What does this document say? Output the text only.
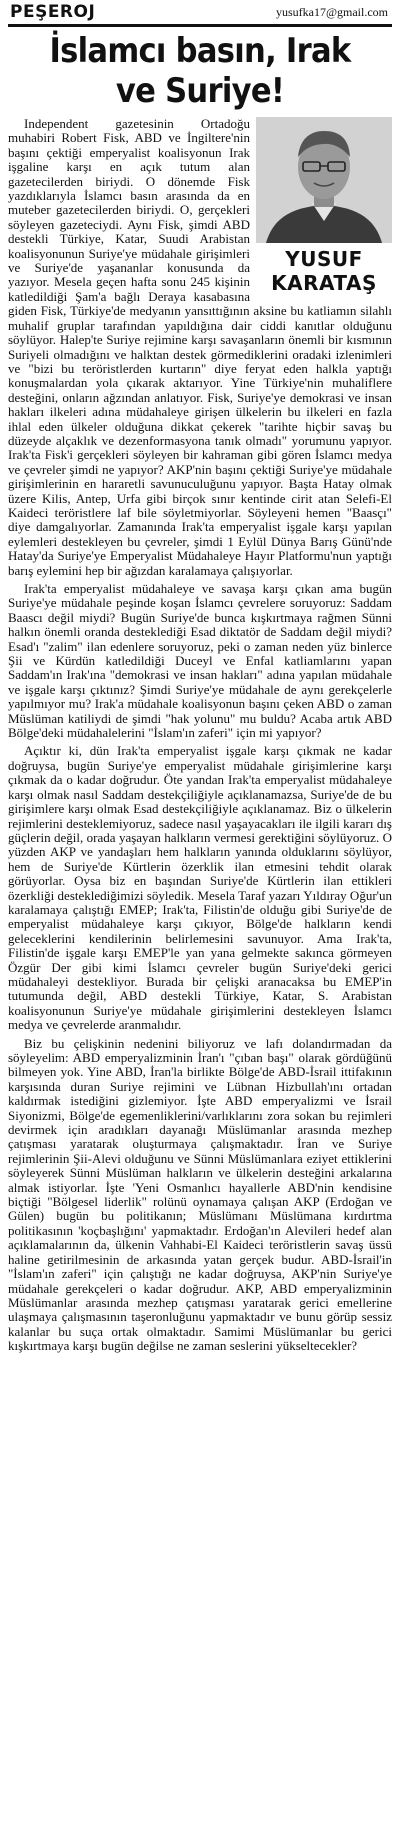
PEŞEROJ	yusufka17@gmail.com
İslamcı basın, Irak
ve Suriye!
YUSUF
KARATAŞ

Independent gazetesinin Ortadoğu muhabiri Robert Fisk, ABD ve İngiltere'nin başını çektiği emperyalist koalisyonun Irak işgaline karşı en açık tutum alan gazetecilerden biriydi. O dönemde Fisk yazdıklarıyla İslamcı basın arasında da en muteber gazetecilerden biriydi. O, gerçekleri söyleyen gazeteciydi. Aynı Fisk, şimdi ABD destekli Türkiye, Katar, Suudi Arabistan koalisyonunun Suriye'ye müdahale girişimleri ve Suriye'de yaşananlar konusunda da yazıyor. Mesela geçen hafta sonu 245 kişinin katledildiği Şam'a bağlı Deraya kasabasına giden Fisk, Türkiye'de medyanın yansıttığının aksine bu katliamın silahlı muhalif gruplar tarafından yapıldığına dair ciddi kanıtlar olduğunu söylüyor. Halep'te Suriye rejimine karşı savaşanların önemli bir kısmının Suriyeli olmadığını ve halktan destek görmediklerini oradaki izlenimleri ve "bizi bu teröristlerden kurtarın" diye feryat eden halkla yaptığı konuşmalardan yola çıkarak aktarıyor. Yine Türkiye'nin muhaliflere desteğini, onların ağzından anlatıyor. Fisk, Suriye'ye demokrasi ve insan hakları ilkeleri adına müdahaleye girişen ülkelerin bu ilkeleri en fazla ihlal eden ülkeler olduğuna dikkat çekerek "tarihte hiçbir savaş bu düzeyde alçaklık ve dezenformasyona tanık olmadı" yorumunu yapıyor. Irak'ta Fisk'i gerçekleri söyleyen bir kahraman gibi gören İslamcı medya ve çevreler şimdi ne yapıyor? AKP'nin başını çektiği Suriye'ye müdahale girişimlerinin en hararetli savunuculuğunu yapıyor. Başta Hatay olmak üzere Kilis, Antep, Urfa gibi birçok sınır kentinde cirit atan Selefi-El Kaideci teröristlere laf bile söyletmiyorlar. Söyleyeni hemen "Baasçı" diye damgalıyorlar. Zamanında Irak'ta emperyalist işgale karşı yapılan eylemleri destekleyen bu çevreler, şimdi 1 Eylül Dünya Barış Günü'nde Hatay'da Suriye'ye Emperyalist Müdahaleye Hayır Platformu'nun yaptığı barış eylemini hep bir ağızdan karalamaya çalışıyorlar.

Irak'ta emperyalist müdahaleye ve savaşa karşı çıkan ama bugün Suriye'ye müdahale peşinde koşan İslamcı çevrelere soruyoruz: Saddam Baascı değil miydi? Bugün Suriye'de bunca kışkırtmaya rağmen Sünni halkın önemli oranda desteklediği Esad diktatör de Saddam değil miydi? Esad'ı "zalim" ilan edenlere soruyoruz, peki o zaman neden yüz binlerce Şii ve Kürdün katledildiği Duceyl ve Enfal katliamlarını yapan Saddam'ın Irak'ına "demokrasi ve insan hakları" adına yapılan müdahale ve işgale karşı çıktınız? Şimdi Suriye'ye müdahale de aynı gerekçelerle yapılmıyor mu? Irak'a müdahale koalisyonun başını çeken ABD o zaman Müslüman katiliydi de şimdi "hak yolunu" mu buldu? Acaba artık ABD Bölge'deki müdahalelerini "İslam'ın zaferi" için mi yapıyor?

Açıktır ki, dün Irak'ta emperyalist işgale karşı çıkmak ne kadar doğruysa, bugün Suriye'ye emperyalist müdahale girişimlerine karşı çıkmak da o kadar doğrudur. Öte yandan Irak'ta emperyalist müdahaleye karşı olmak nasıl Saddam destekçiliğiyle açıklanamazsa, Suriye'de de bu girişimlere karşı olmak Esad destekçiliğiyle açıklanamaz. Biz o ülkelerin rejimlerini desteklemiyoruz, sadece nasıl yaşayacakları ile ilgili kararı dış güçlerin değil, orada yaşayan halkların vermesi gerektiğini söylüyoruz. O yüzden AKP ve yandaşları hem halkların yanında olduklarını söylüyor, hem de Suriye'de Kürtlerin özerklik ilan etmesini tehdit olarak görüyorlar. Oysa biz en başından Suriye'de Kürtlerin ilan ettikleri özerkliği desteklediğimizi söyledik. Mesela Taraf yazarı Yıldıray Oğur'un karalamaya çalıştığı EMEP; Irak'ta, Filistin'de olduğu gibi Suriye'de de emperyalist müdahaleye karşı çıkıyor, Bölge'de halkların kendi geleceklerini kendilerinin belirlemesini savunuyor. Ama Irak'ta, Filistin'de işgale karşı EMEP'le yan yana gelmekte sakınca görmeyen Özgür Der gibi kimi İslamcı çevreler bugün Suriye'deki gerici müdahaleyi destekliyor. Burada bir çelişki aranacaksa bu EMEP'in tutumunda değil, ABD destekli Türkiye, Katar, S. Arabistan koalisyonunun Suriye'ye müdahale girişimlerini destekleyen İslamcı medya ve çevrelerde aranmalıdır.

Biz bu çelişkinin nedenini biliyoruz ve lafı dolandırmadan da söyleyelim: ABD emperyalizminin İran'ı "çıban başı" olarak gördüğünü bilmeyen yok. Yine ABD, İran'la birlikte Bölge'de ABD-İsrail ittifakının karşısında duran Suriye rejimini ve Lübnan Hizbullah'ını ortadan kaldırmak istediğini gizlemiyor. İşte ABD emperyalizmi ve İsrail Siyonizmi, Bölge'de egemenliklerini/varlıklarını zora sokan bu rejimleri devirmek için aradıkları dayanağı Müslümanlar arasında mezhep çatışması yaratarak oluşturmaya çalışmaktadır. İran ve Suriye rejimlerinin Şii-Alevi olduğunu ve Sünni Müslümanlara eziyet ettiklerini söyleyerek Sünni Müslüman halkların ve ülkelerin desteğini arkalarına almak istiyorlar. İşte 'Yeni Osmanlıcı hayallerle ABD'nin kendisine biçtiği "Bölgesel liderlik" rolünü oynamaya çalışan AKP (Erdoğan ve Gülen) bugün bu politikanın; Müslümanı Müslümana kırdırtma politikasının 'koçbaşlığını' yapmaktadır. Erdoğan'ın Alevileri hedef alan açıklamalarının da, ülkenin Vahhabi-El Kaideci teröristlerin savaş üssü haline getirilmesinin de arkasında yatan gerçek budur. ABD-İsrail'in "İslam'ın zaferi" için çalıştığı ne kadar doğruysa, AKP'nin Suriye'ye müdahale gerekçeleri o kadar doğrudur. AKP, ABD emperyalizminin Müslümanlar arasında mezhep çatışması yaratarak gerici emellerine ulaşmaya çalışmasının taşeronluğunu yapmaktadır ve bunu görüp sessiz kalanlar bu suça ortak olmaktadır. Samimi Müslümanlar bu gerici kışkırtmaya karşı bugün değilse ne zaman seslerini yükseltecekler?
